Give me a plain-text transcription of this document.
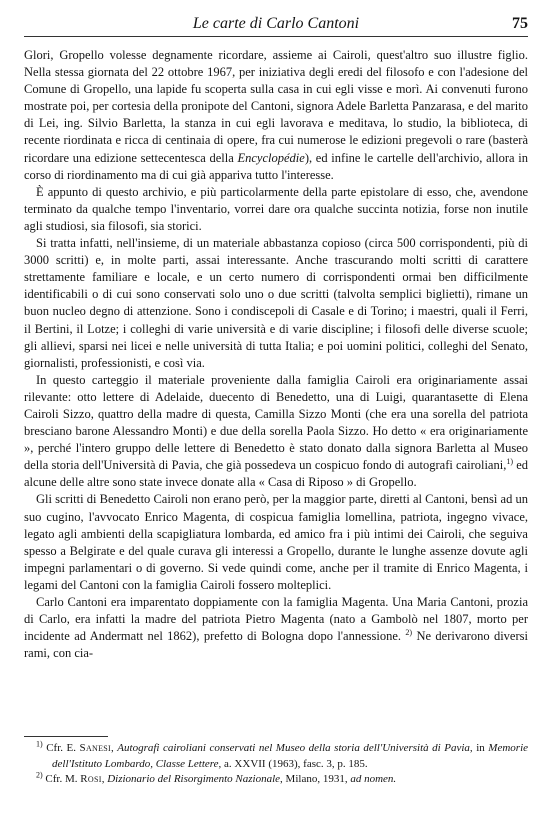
Le carte di Carlo Cantoni	75

Glori, Gropello volesse degnamente ricordare, assieme ai Cairoli, quest'altro suo illustre figlio. Nella stessa giornata del 22 ottobre 1967, per iniziativa degli eredi del filosofo e con l'adesione del Comune di Gropello, una lapide fu scoperta sulla casa in cui egli visse e morì. Ai convenuti furono mostrate poi, per cortesia della pronipote del Cantoni, signora Adele Barletta Panzarasa, e del marito di Lei, ing. Silvio Barletta, la stanza in cui egli lavorava e meditava, lo studio, la biblioteca, di recente riordinata e ricca di centinaia di opere, fra cui numerose le edizioni pregevoli o rare (basterà ricordare una edizione settecentesca della Encyclopédie), ed infine le cartelle dell'archivio, allora in corso di riordinamento ma di cui già appariva tutto l'interesse.

È appunto di questo archivio, e più particolarmente della parte epistolare di esso, che, avendone terminato da qualche tempo l'inventario, vorrei dare ora qualche succinta notizia, forse non inutile agli studiosi, sia filosofi, sia storici.

Si tratta infatti, nell'insieme, di un materiale abbastanza copioso (circa 500 corrispondenti, più di 3000 scritti) e, in molte parti, assai interessante. Anche trascurando molti scritti di carattere strettamente familiare e locale, e un certo numero di corrispondenti ormai ben difficilmente identificabili o di cui sono conservati solo uno o due scritti (talvolta semplici biglietti), rimane un buon nucleo degno di attenzione. Sono i condiscepoli di Casale e di Torino; i maestri, quali il Ferri, il Bertini, il Lotze; i colleghi di varie università e di varie discipline; i filosofi delle diverse scuole; gli allievi, sparsi nei licei e nelle università di tutta Italia; e poi uomini politici, colleghi del Senato, giornalisti, professionisti, e così via.

In questo carteggio il materiale proveniente dalla famiglia Cairoli era originariamente assai rilevante: otto lettere di Adelaide, duecento di Benedetto, una di Luigi, quarantasette di Elena Cairoli Sizzo, quattro della madre di questa, Camilla Sizzo Monti (che era una sorella del patriota bresciano barone Alessandro Monti) e due della sorella Paola Sizzo. Ho detto « era originariamente », perché l'intero gruppo delle lettere di Benedetto è stato donato dalla signora Barletta al Museo della storia dell'Università di Pavia, che già possedeva un cospicuo fondo di autografi cairoliani,$^{1)}$ ed alcune delle altre sono state invece donate alla « Casa di Riposo » di Gropello.

Gli scritti di Benedetto Cairoli non erano però, per la maggior parte, diretti al Cantoni, bensì ad un suo cugino, l'avvocato Enrico Magenta, di cospicua famiglia lomellina, patriota, ingegno vivace, legato agli ambienti della scapigliatura lombarda, ed amico fra i più intimi dei Cairoli, che seguiva spesso a Belgirate e del quale curava gli interessi a Gropello, durante le lunghe assenze dovute agli impegni parlamentari o di governo. Si vede quindi come, anche per il tramite di Enrico Magenta, i legami del Cantoni con la famiglia Cairoli fossero molteplici.

Carlo Cantoni era imparentato doppiamente con la famiglia Magenta. Una Maria Cantoni, prozia di Carlo, era infatti la madre del patriota Pietro Magenta (nato a Gambolò nel 1807, morto per incidente ad Andermatt nel 1862), prefetto di Bologna dopo l'annessione. $^{2)}$ Ne derivarono diversi rami, con cia-

$^{1)}$ Cfr. E. Sanesi, Autografi cairoliani conservati nel Museo della storia dell'Università di Pavia, in Memorie dell'Istituto Lombardo, Classe Lettere, a. XXVII (1963), fasc. 3, p. 185.

$^{2)}$ Cfr. M. Rosi, Dizionario del Risorgimento Nazionale, Milano, 1931, ad nomen.
